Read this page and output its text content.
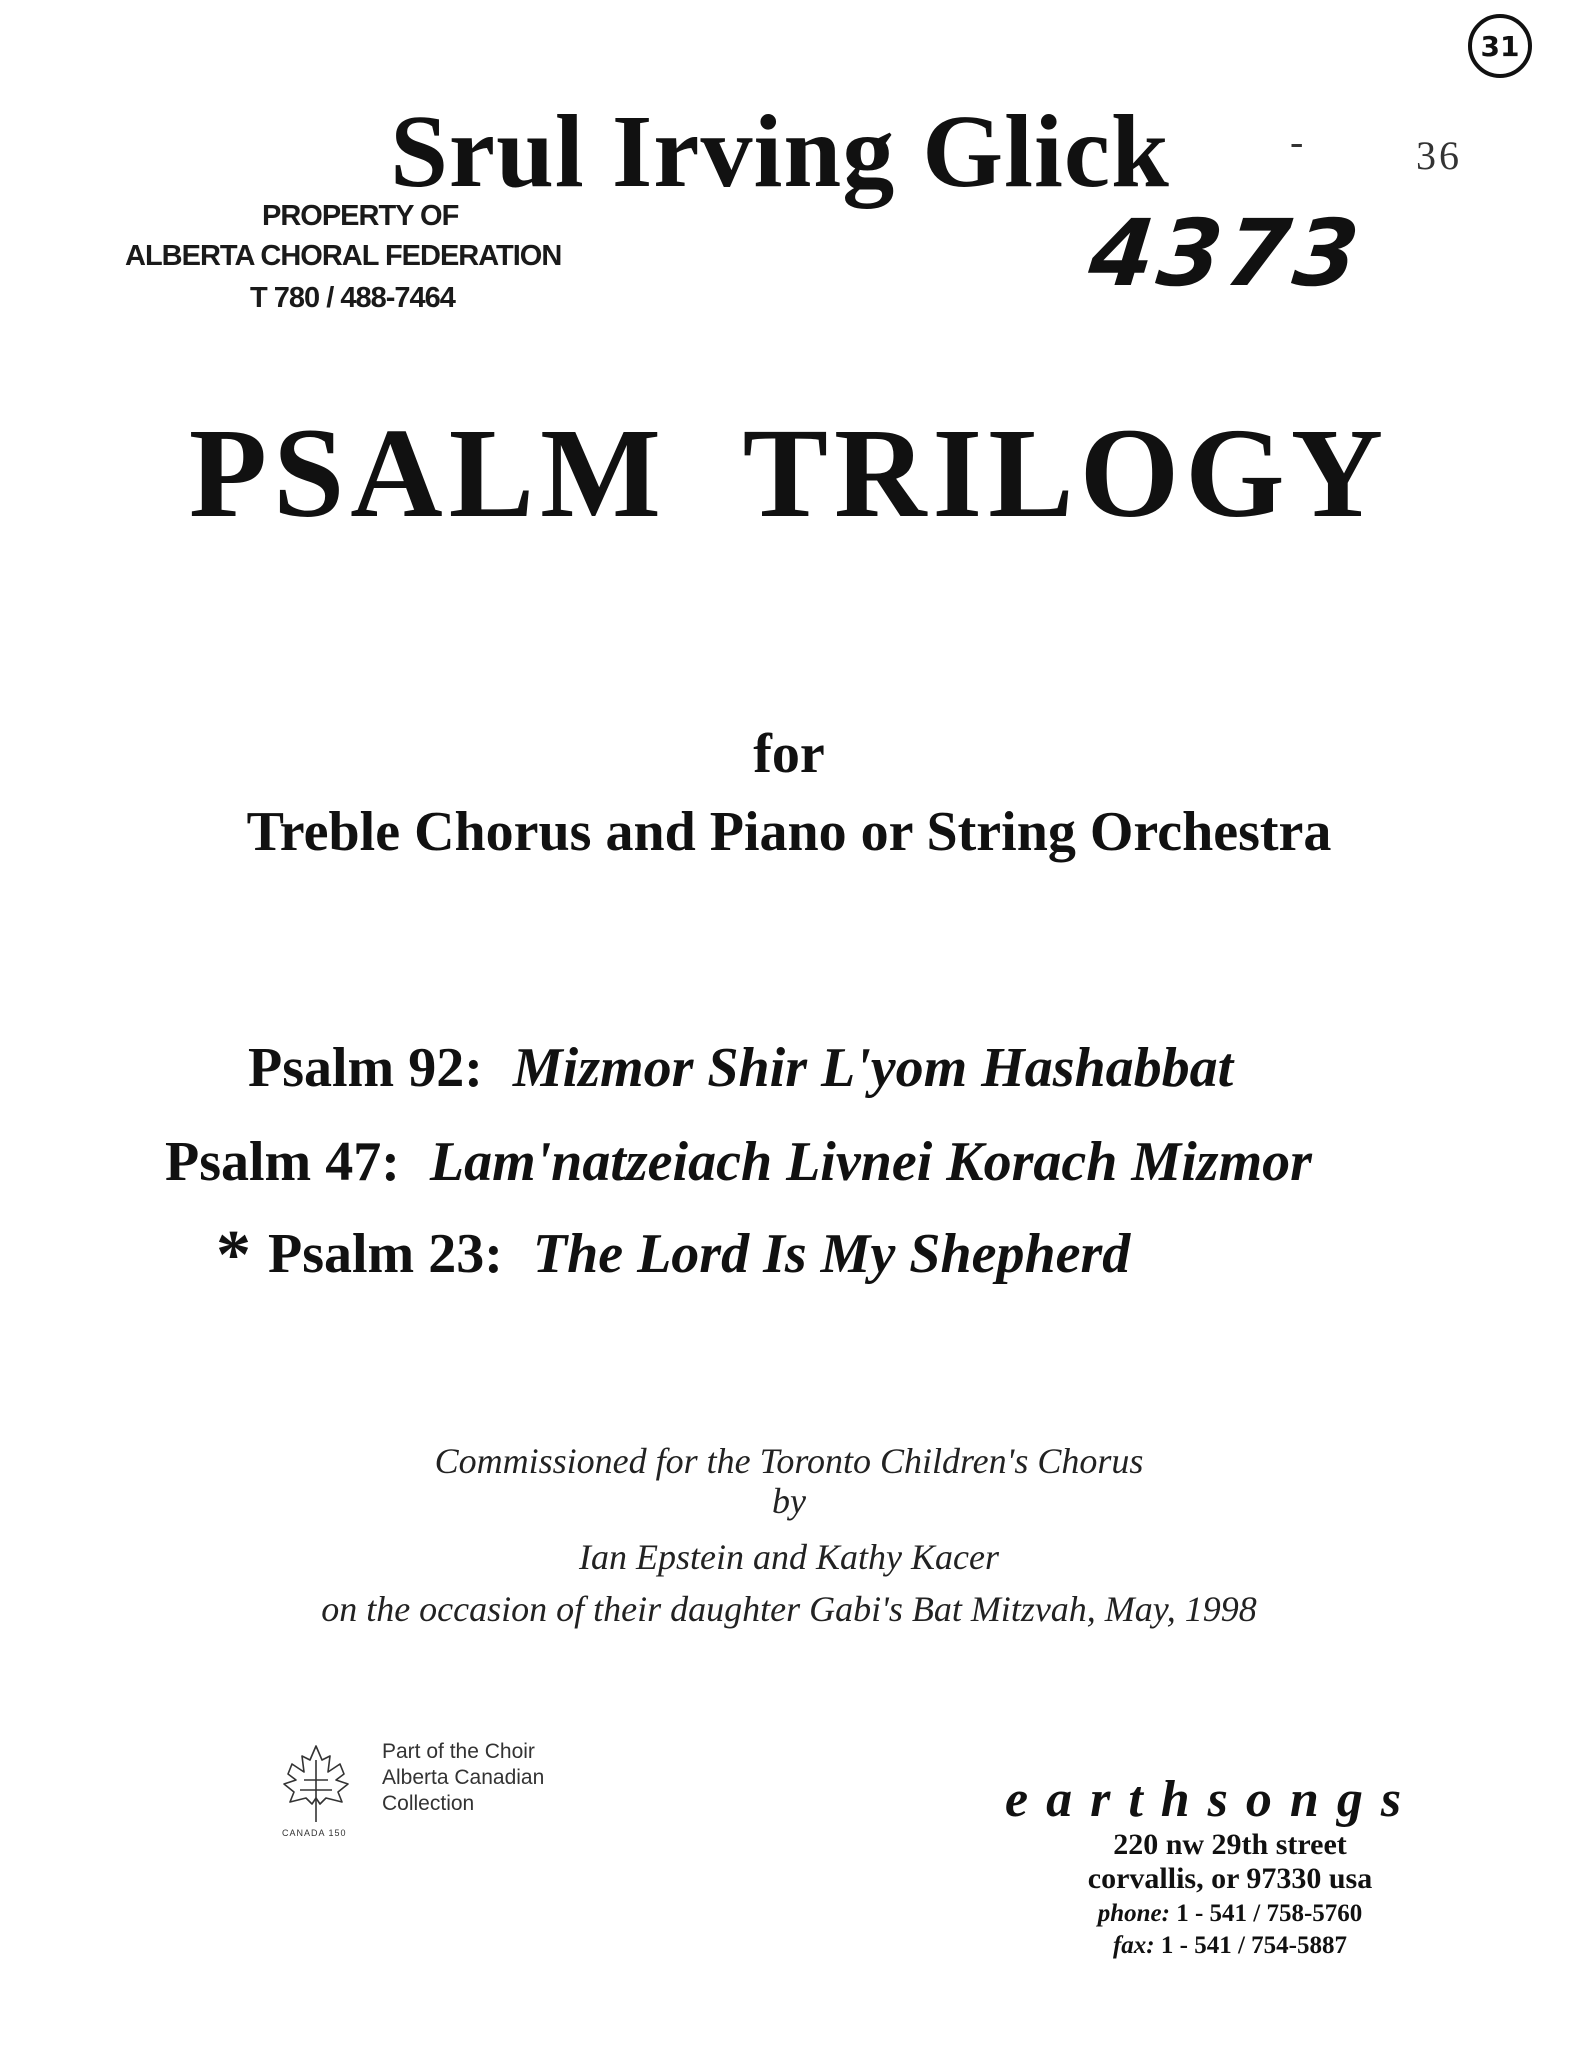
31
-	36
Srul Irving Glick
PROPERTY OF
ALBERTA CHORAL FEDERATION
T 780 / 488-7464	4373
PSALM TRILOGY
for
Treble Chorus and Piano or String Orchestra
Psalm 92: Mizmor Shir L'yom Hashabbat
Psalm 47: Lam'natzeiach Livnei Korach Mizmor
* Psalm 23: The Lord Is My Shepherd
Commissioned for the Toronto Children's Chorus
by
Ian Epstein and Kathy Kacer
on the occasion of their daughter Gabi's Bat Mitzvah, May, 1998
CANADA 150
Part of the Choir
Alberta Canadian
Collection	earthsongs
220 nw 29th street
corvallis, or 97330 usa
phone: 1 - 541 / 758-5760
fax: 1 - 541 / 754-5887
